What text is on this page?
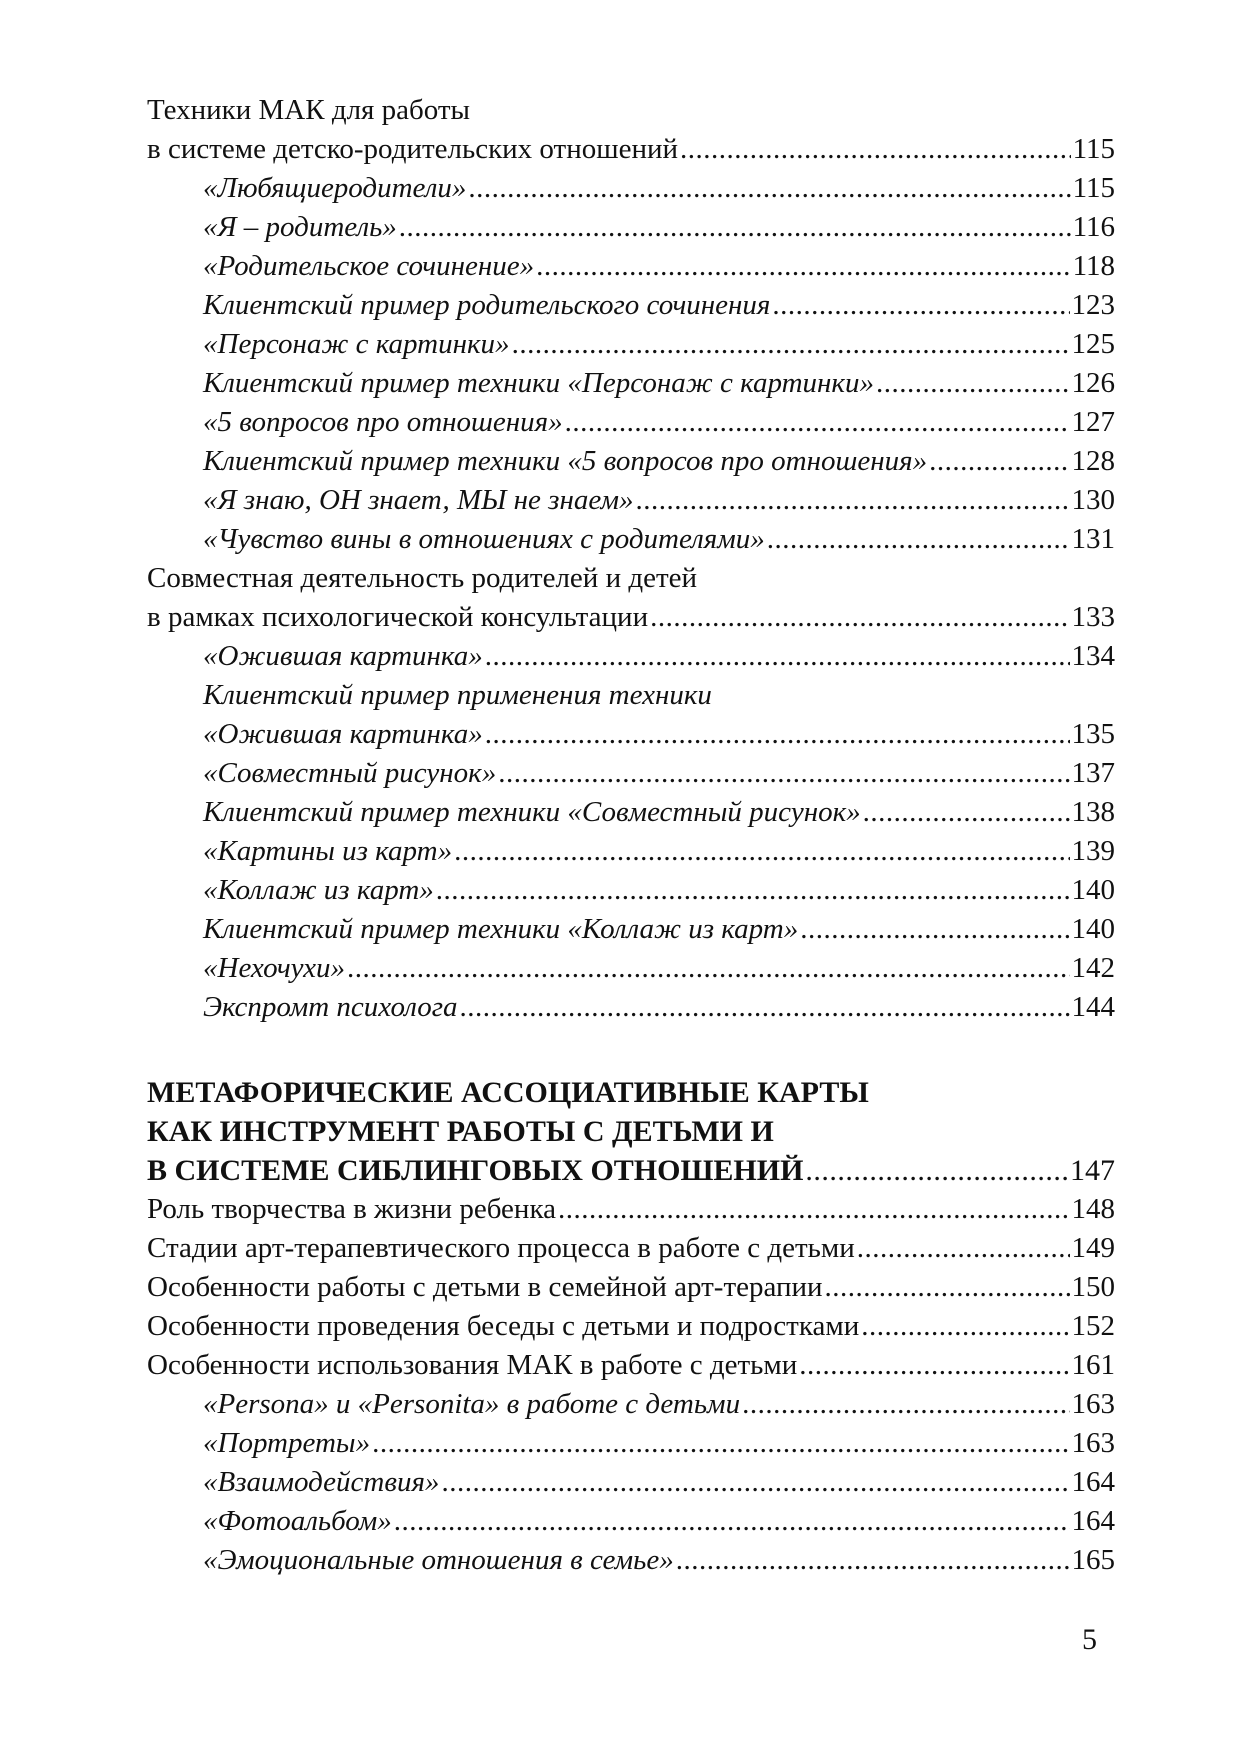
Техники МАК для работы
в системе детско-родительских отношений .....	115
«Любящиеродители» .....	115
«Я – родитель» .....	116
«Родительское сочинение» .....	118
Клиентский пример родительского сочинения .....	123
«Персонаж с картинки» .....	125
Клиентский пример техники «Персонаж с картинки» .....	126
«5 вопросов про отношения» .....	127
Клиентский пример техники «5 вопросов про отношения» .....	128
«Я знаю, ОН знает, МЫ не знаем» .....	130
«Чувство вины в отношениях с родителями» .....	131
Совместная деятельность родителей и детей
в рамках психологической консультации .....	133
«Ожившая картинка» .....	134
Клиентский пример применения техники
«Ожившая картинка» .....	135
«Совместный рисунок» .....	137
Клиентский пример техники «Совместный рисунок» .....	138
«Картины из карт» .....	139
«Коллаж из карт» .....	140
Клиентский пример техники «Коллаж из карт» .....	140
«Нехочухи» .....	142
Экспромт психолога .....	144
МЕТАФОРИЧЕСКИЕ АССОЦИАТИВНЫЕ КАРТЫ
КАК ИНСТРУМЕНТ РАБОТЫ С ДЕТЬМИ И
В СИСТЕМЕ СИБЛИНГОВЫХ ОТНОШЕНИЙ .....	147
Роль творчества в жизни ребенка .....	148
Стадии арт-терапевтического процесса в работе с детьми .....	149
Особенности работы с детьми в семейной арт-терапии .....	150
Особенности проведения беседы с детьми и подростками .....	152
Особенности использования МАК в работе с детьми .....	161
«Persona» и «Personita» в работе с детьми .....	163
«Портреты» .....	163
«Взаимодействия» .....	164
«Фотоальбом» .....	164
«Эмоциональные отношения в семье» .....	165
5
